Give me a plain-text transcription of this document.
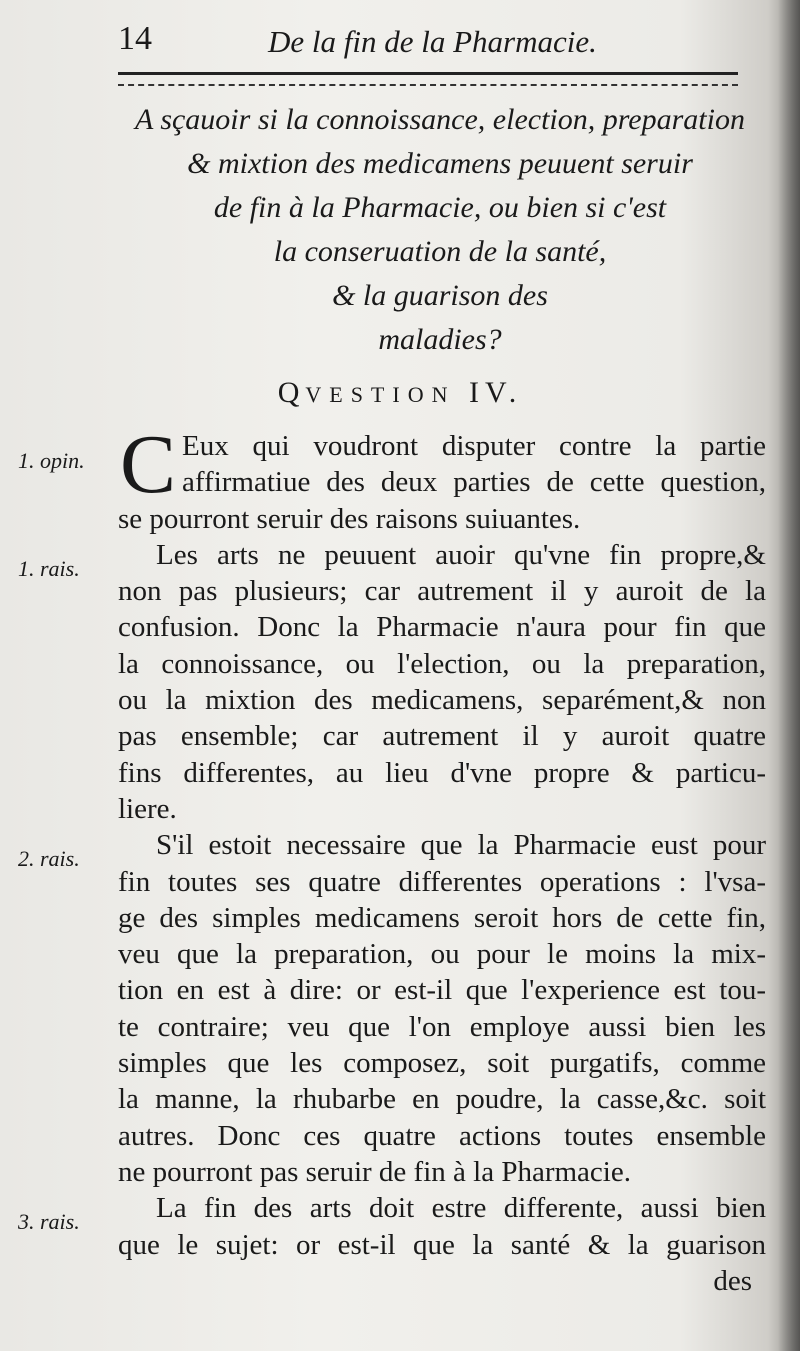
14	De la fin de la Pharmacie.
A sçauoir si la connoissance, election, preparation
& mixtion des medicamens peuuent seruir
de fin à la Pharmacie, ou bien si c'est
la conseruation de la santé,
& la guarison des
maladies?
QVESTION IV.
1. opin.
1. rais.
2. rais.
3. rais.

C Eux qui voudront disputer contre la partie
affirmatiue des deux parties de cette question,
se pourront seruir des raisons suiuantes.

Les arts ne peuuent auoir qu'vne fin propre,&
non pas plusieurs; car autrement il y auroit de la
confusion. Donc la Pharmacie n'aura pour fin que
la connoissance, ou l'election, ou la preparation,
ou la mixtion des medicamens, separément,& non
pas ensemble; car autrement il y auroit quatre
fins differentes, au lieu d'vne propre & particu-
liere.

S'il estoit necessaire que la Pharmacie eust pour
fin toutes ses quatre differentes operations : l'vsa-
ge des simples medicamens seroit hors de cette fin,
veu que la preparation, ou pour le moins la mix-
tion en est à dire: or est-il que l'experience est tou-
te contraire; veu que l'on employe aussi bien les
simples que les composez, soit purgatifs, comme
la manne, la rhubarbe en poudre, la casse,&c. soit
autres. Donc ces quatre actions toutes ensemble
ne pourront pas seruir de fin à la Pharmacie.

La fin des arts doit estre differente, aussi bien
que le sujet: or est-il que la santé & la guarison

des
